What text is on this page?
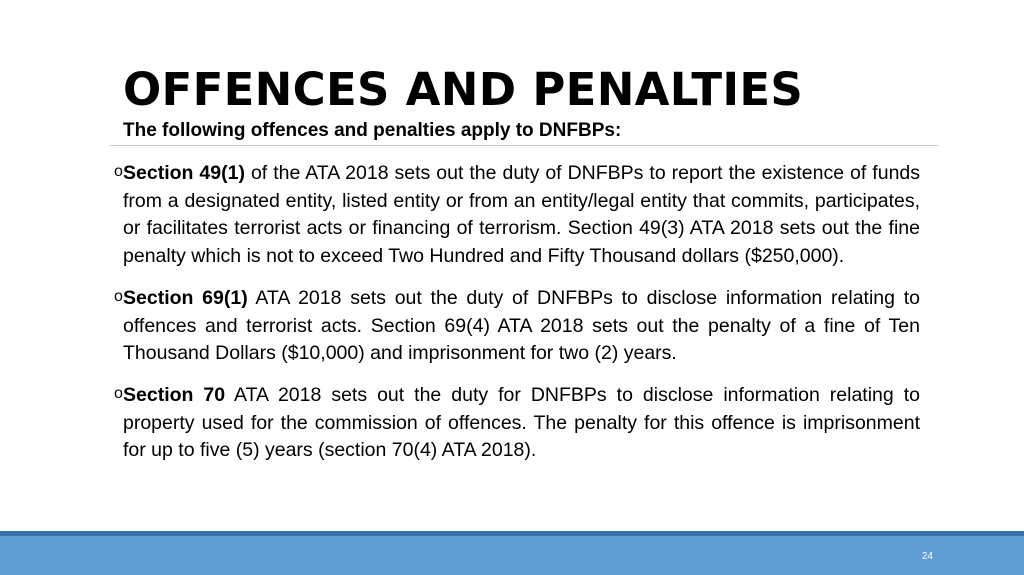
OFFENCES AND PENALTIES
The following offences and penalties apply to DNFBPs:
o Section 49(1) of the ATA 2018 sets out the duty of DNFBPs to report the existence of funds from a designated entity, listed entity or from an entity/legal entity that commits, participates, or facilitates terrorist acts or financing of terrorism. Section 49(3) ATA 2018 sets out the fine penalty which is not to exceed Two Hundred and Fifty Thousand dollars ($250,000).
o Section 69(1) ATA 2018 sets out the duty of DNFBPs to disclose information relating to offences and terrorist acts. Section 69(4) ATA 2018 sets out the penalty of a fine of Ten Thousand Dollars ($10,000) and imprisonment for two (2) years.
o Section 70 ATA 2018 sets out the duty for DNFBPs to disclose information relating to property used for the commission of offences. The penalty for this offence is imprisonment for up to five (5) years (section 70(4) ATA 2018).
24
